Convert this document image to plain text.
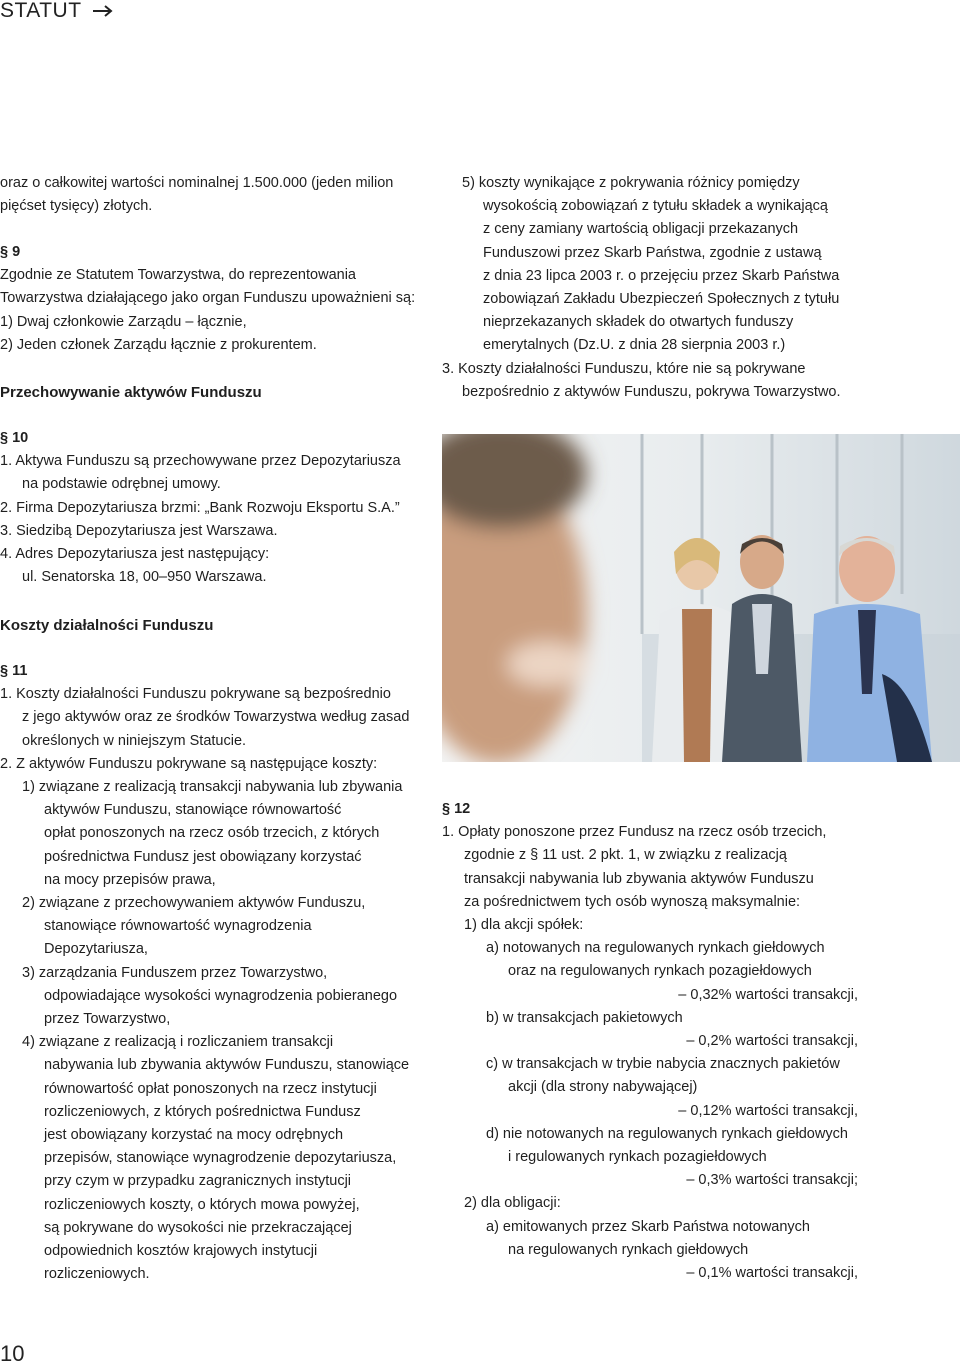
STATUT
oraz o całkowitej wartości nominalnej 1.500.000 (jeden milion
pięćset tysięcy) złotych.
§ 9
Zgodnie ze Statutem Towarzystwa, do reprezentowania
Towarzystwa działającego jako organ Funduszu upoważnieni są:
1) Dwaj członkowie Zarządu – łącznie,
2) Jeden członek Zarządu łącznie z prokurentem.
Przechowywanie aktywów Funduszu
5) koszty wynikające z pokrywania różnicy pomiędzy
wysokością zobowiązań z tytułu składek a wynikającą
z ceny zamiany wartością obligacji przekazanych
Funduszowi przez Skarb Państwa, zgodnie z ustawą
z dnia 23 lipca 2003 r. o przejęciu przez Skarb Państwa
zobowiązań Zakładu Ubezpieczeń Społecznych z tytułu
nieprzekazanych składek do otwartych funduszy
emerytalnych (Dz.U. z dnia 28 sierpnia 2003 r.)
3. Koszty działalności Funduszu, które nie są pokrywane
bezpośrednio z aktywów Funduszu, pokrywa Towarzystwo.
§ 10
1. Aktywa Funduszu są przechowywane przez Depozytariusza
na podstawie odrębnej umowy.
2. Firma Depozytariusza brzmi: „Bank Rozwoju Eksportu S.A.”
3. Siedzibą Depozytariusza jest Warszawa.
4. Adres Depozytariusza jest następujący:
ul. Senatorska 18, 00–950 Warszawa.
Koszty działalności Funduszu
§ 11
1. Koszty działalności Funduszu pokrywane są bezpośrednio
z jego aktywów oraz ze środków Towarzystwa według zasad
określonych w niniejszym Statucie.
2. Z aktywów Funduszu pokrywane są następujące koszty:
1) związane z realizacją transakcji nabywania lub zbywania
aktywów Funduszu, stanowiące równowartość
opłat ponoszonych na rzecz osób trzecich, z których
pośrednictwa Fundusz jest obowiązany korzystać
na mocy przepisów prawa,
2) związane z przechowywaniem aktywów Funduszu,
stanowiące równowartość wynagrodzenia
Depozytariusza,
3) zarządzania Funduszem przez Towarzystwo,
odpowiadające wysokości wynagrodzenia pobieranego
przez Towarzystwo,
4) związane z realizacją i rozliczaniem transakcji
nabywania lub zbywania aktywów Funduszu, stanowiące
równowartość opłat ponoszonych na rzecz instytucji
rozliczeniowych, z których pośrednictwa Fundusz
jest obowiązany korzystać na mocy odrębnych
przepisów, stanowiące wynagrodzenie depozytariusza,
przy czym w przypadku zagranicznych instytucji
rozliczeniowych koszty, o których mowa powyżej,
są pokrywane do wysokości nie przekraczającej
odpowiednich kosztów krajowych instytucji
rozliczeniowych.
§ 12
1. Opłaty ponoszone przez Fundusz na rzecz osób trzecich,
zgodnie z § 11 ust. 2 pkt. 1, w związku z realizacją
transakcji nabywania lub zbywania aktywów Funduszu
za pośrednictwem tych osób wynoszą maksymalnie:
1) dla akcji spółek:
a) notowanych na regulowanych rynkach giełdowych
oraz na regulowanych rynkach pozagiełdowych
– 0,32% wartości transakcji,
b) w transakcjach pakietowych
– 0,2% wartości transakcji,
c) w transakcjach w trybie nabycia znacznych pakietów
akcji (dla strony nabywającej)
– 0,12% wartości transakcji,
d) nie notowanych na regulowanych rynkach giełdowych
i regulowanych rynkach pozagiełdowych
– 0,3% wartości transakcji;
2) dla obligacji:
a) emitowanych przez Skarb Państwa notowanych
na regulowanych rynkach giełdowych
– 0,1% wartości transakcji,
10
